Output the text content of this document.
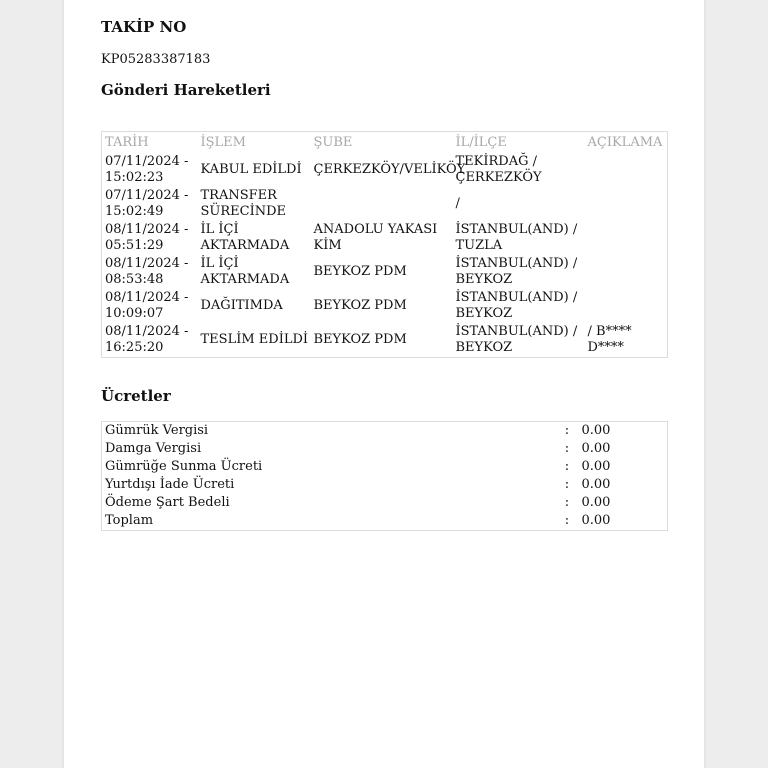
TAKİP NO
KP05283387183
Gönderi Hareketleri
TARİH	İŞLEM	ŞUBE	İL/İLÇE	AÇIKLAMA
07/11/2024 - 15:02:23	KABUL EDİLDİ	ÇERKEZKÖY/VELİKÖY	TEKİRDAĞ / ÇERKEZKÖY	
07/11/2024 - 15:02:49	TRANSFER SÜRECİNDE		/	
08/11/2024 - 05:51:29	İL İÇİ AKTARMADA	ANADOLU YAKASI KİM	İSTANBUL(AND) / TUZLA	
08/11/2024 - 08:53:48	İL İÇİ AKTARMADA	BEYKOZ PDM	İSTANBUL(AND) / BEYKOZ	
08/11/2024 - 10:09:07	DAĞITIMDA	BEYKOZ PDM	İSTANBUL(AND) / BEYKOZ	
08/11/2024 - 16:25:20	TESLİM EDİLDİ	BEYKOZ PDM	İSTANBUL(AND) / BEYKOZ	/ B**** D****
Ücretler
Gümrük Vergisi	:	0.00
Damga Vergisi	:	0.00
Gümrüğe Sunma Ücreti	:	0.00
Yurtdışı İade Ücreti	:	0.00
Ödeme Şart Bedeli	:	0.00
Toplam	:	0.00
